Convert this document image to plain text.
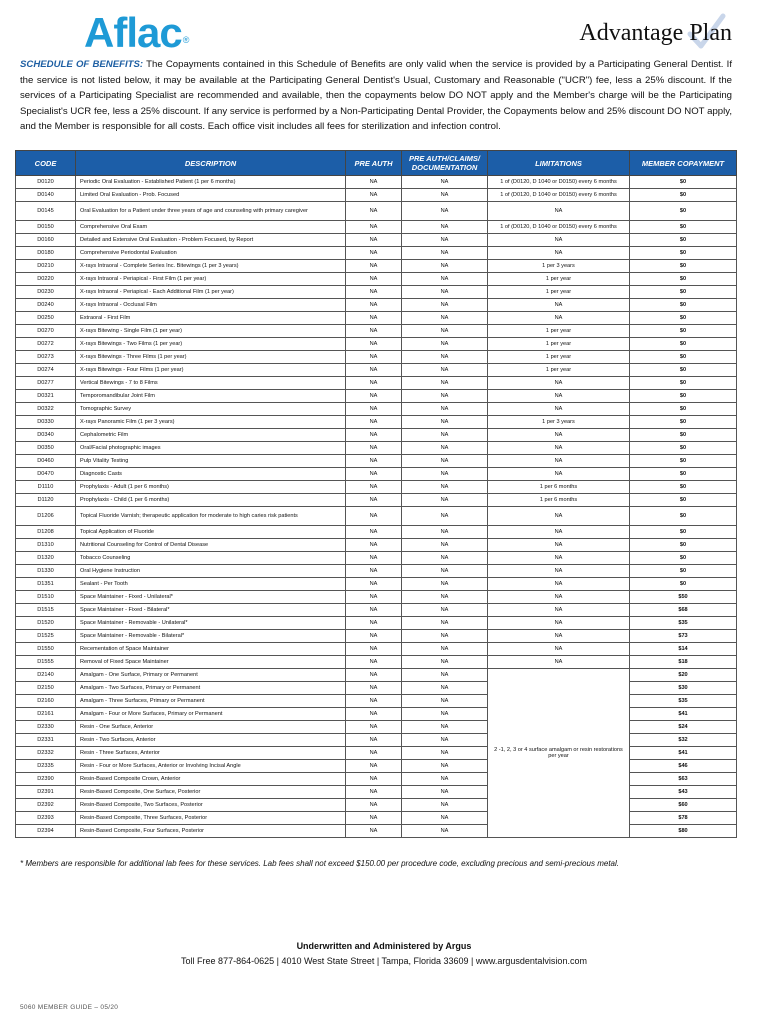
Aflac®	Advantage Plan
SCHEDULE OF BENEFITS: The Copayments contained in this Schedule of Benefits are only valid when the service is provided by a Participating General Dentist. If the service is not listed below, it may be available at the Participating General Dentist's Usual, Customary and Reasonable ("UCR") fee, less a 25% discount. If the services of a Participating Specialist are recommended and available, then the copayments below DO NOT apply and the Member's charge will be the Participating Specialist's UCR fee, less a 25% discount. If any service is performed by a Non-Participating Dental Provider, the Copayments below and 25% discount DO NOT apply, and the Member is responsible for all costs. Each office visit includes all fees for sterilization and infection control.
CODE	DESCRIPTION	PRE AUTH	PRE AUTH/CLAIMS/ DOCUMENTATION	LIMITATIONS	MEMBER COPAYMENT
D0120	Periodic Oral Evaluation - Established Patient (1 per 6 months)	NA	NA	1 of (D0120, D 1040 or D0150) every 6 months	$0
D0140	Limited Oral Evaluation - Prob. Focused	NA	NA	1 of (D0120, D 1040 or D0150) every 6 months	$0
D0145	Oral Evaluation for a Patient under three years of age and counseling with primary caregiver	NA	NA	NA	$0
D0150	Comprehensive Oral Exam	NA	NA	1 of (D0120, D 1040 or D0150) every 6 months	$0
D0160	Detailed and Extensive Oral Evaluation - Problem Focused, by Report	NA	NA	NA	$0
D0180	Comprehensive Periodontal Evaluation	NA	NA	NA	$0
D0210	X-rays Intraoral - Complete Series Inc. Bitewings (1 per 3 years)	NA	NA	1 per 3 years	$0
D0220	X-rays Intraoral - Periapical - First Film (1 per year)	NA	NA	1 per year	$0
D0230	X-rays Intraoral - Periapical - Each Additional Film (1 per year)	NA	NA	1 per year	$0
D0240	X-rays Intraoral - Occlusal Film	NA	NA	NA	$0
D0250	Extraoral - First Film	NA	NA	NA	$0
D0270	X-rays Bitewing - Single Film (1 per year)	NA	NA	1 per year	$0
D0272	X-rays Bitewings - Two Films (1 per year)	NA	NA	1 per year	$0
D0273	X-rays Bitewings - Three Films (1 per year)	NA	NA	1 per year	$0
D0274	X-rays Bitewings - Four Films (1 per year)	NA	NA	1 per year	$0
D0277	Vertical Bitewings - 7 to 8 Films	NA	NA	NA	$0
D0321	Temporomandibular Joint Film	NA	NA	NA	$0
D0322	Tomographic Survey	NA	NA	NA	$0
D0330	X-rays Panoramic Film (1 per 3 years)	NA	NA	1 per 3 years	$0
D0340	Cephalometric Film	NA	NA	NA	$0
D0350	Oral/Facial photographic images	NA	NA	NA	$0
D0460	Pulp Vitality Testing	NA	NA	NA	$0
D0470	Diagnostic Casts	NA	NA	NA	$0
D1110	Prophylaxis - Adult (1 per 6 months)	NA	NA	1 per 6 months	$0
D1120	Prophylaxis - Child (1 per 6 months)	NA	NA	1 per 6 months	$0
D1206	Topical Fluoride Varnish; therapeutic application for moderate to high caries risk patients	NA	NA	NA	$0
D1208	Topical Application of Fluoride	NA	NA	NA	$0
D1310	Nutritional Counseling for Control of Dental Disease	NA	NA	NA	$0
D1320	Tobacco Counseling	NA	NA	NA	$0
D1330	Oral Hygiene Instruction	NA	NA	NA	$0
D1351	Sealant - Per Tooth	NA	NA	NA	$0
D1510	Space Maintainer - Fixed - Unilateral*	NA	NA	NA	$50
D1515	Space Maintainer - Fixed - Bilateral*	NA	NA	NA	$68
D1520	Space Maintainer - Removable - Unilateral*	NA	NA	NA	$35
D1525	Space Maintainer - Removable - Bilateral*	NA	NA	NA	$73
D1550	Recementation of Space Maintainer	NA	NA	NA	$14
D1555	Removal of Fixed Space Maintainer	NA	NA	NA	$18
D2140	Amalgam - One Surface, Primary or Permanent	NA	NA	2 -1, 2, 3 or 4 surface amalgam or resin restorations per year	$20
D2150	Amalgam - Two Surfaces, Primary or Permanent	NA	NA		$30
D2160	Amalgam - Three Surfaces, Primary or Permanent	NA	NA		$35
D2161	Amalgam - Four or More Surfaces, Primary or Permanent	NA	NA		$41
D2330	Resin - One Surface, Anterior	NA	NA		$24
D2331	Resin - Two Surfaces, Anterior	NA	NA		$32
D2332	Resin - Three Surfaces, Anterior	NA	NA		$41
D2335	Resin - Four or More Surfaces, Anterior or Involving Incisal Angle	NA	NA		$46
D2390	Resin-Based Composite Crown, Anterior	NA	NA		$63
D2391	Resin-Based Composite, One Surface, Posterior	NA	NA		$43
D2392	Resin-Based Composite, Two Surfaces, Posterior	NA	NA		$60
D2393	Resin-Based Composite, Three Surfaces, Posterior	NA	NA		$78
D2394	Resin-Based Composite, Four Surfaces, Posterior	NA	NA		$80
* Members are responsible for additional lab fees for these services. Lab fees shall not exceed $150.00 per procedure code, excluding precious and semi-precious metal.
Underwritten and Administered by Argus
Toll Free 877-864-0625 | 4010 West State Street | Tampa, Florida 33609 | www.argusdentalvision.com
5060 MEMBER GUIDE – 05/20
